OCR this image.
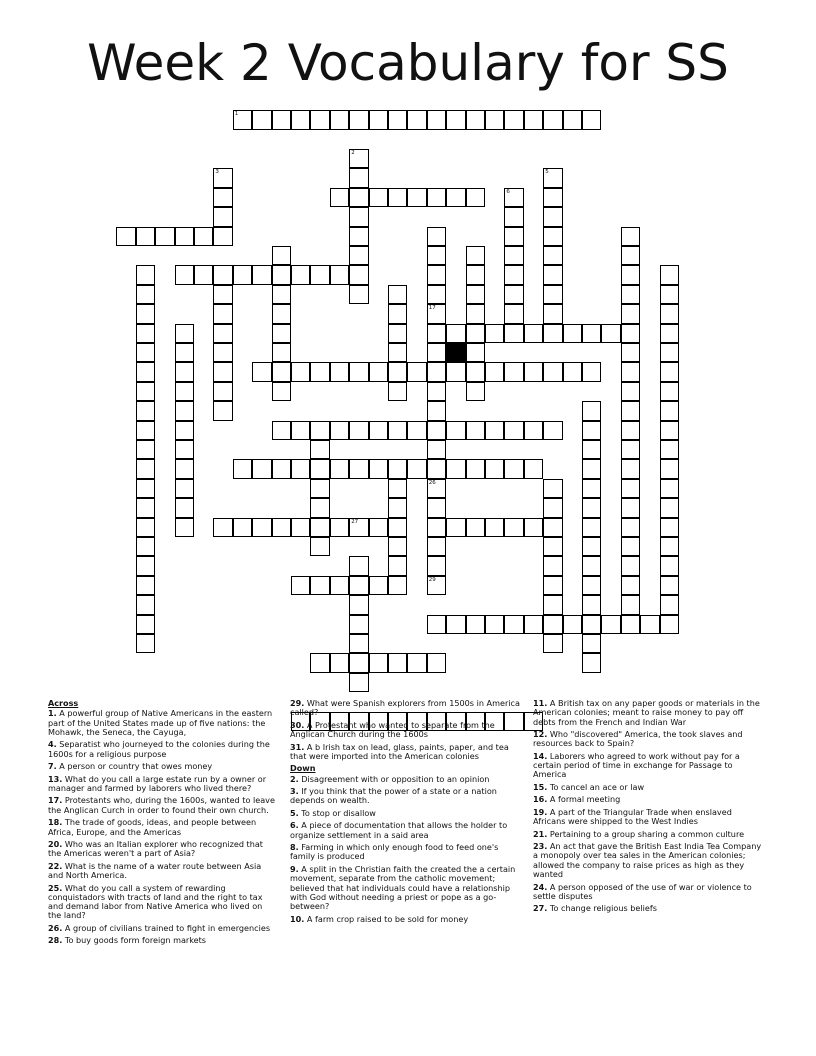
Week 2 Vocabulary for SS
1
2
3	5
6
17
26
27
29
Across
1. A powerful group of Native Americans in the eastern part of the United States made up of five nations: the Mohawk, the Seneca, the Cayuga,
4. Separatist who journeyed to the colonies during the 1600s for a religious purpose
7. A person or country that owes money
13. What do you call a large estate run by a owner or manager and farmed by laborers who lived there?
17. Protestants who, during the 1600s, wanted to leave the Anglican Curch in order to found their own church.
18. The trade of goods, ideas, and people between Africa, Europe, and the Americas
20. Who was an Italian explorer who recognized that the Americas weren't a part of Asia?
22. What is the name of a water route between Asia and North America.
25. What do you call a system of rewarding conquistadors with tracts of land and the right to tax and demand labor from Native America who lived on the land?
26. A group of civilians trained to fight in emergencies
28. To buy goods form foreign markets
29. What were Spanish explorers from 1500s in America called?
30. A Protestant who wanted to separate from the Anglican Church during the 1600s
31. A b Irish tax on lead, glass, paints, paper, and tea that were imported into the American colonies
Down
2. Disagreement with or opposition to an opinion
3. If you think that the power of a state or a nation depends on wealth.
5. To stop or disallow
6. A piece of documentation that allows the holder to organize settlement in a said area
8. Farming in which only enough food to feed one's family is produced
9. A split in the Christian faith the created the a certain movement, separate from the catholic movement; believed that hat individuals could have a relationship with God without needing a priest or pope as a go-between?
10. A farm crop raised to be sold for money
11. A British tax on any paper goods or materials in the American colonies; meant to raise money to pay off debts from the French and Indian War
12. Who "discovered" America, the took slaves and resources back to Spain?
14. Laborers who agreed to work without pay for a certain period of time in exchange for Passage to America
15. To cancel an ace or law
16. A formal meeting
19. A part of the Triangular Trade when enslaved Africans were shipped to the West Indies
21. Pertaining to a group sharing a common culture
23. An act that gave the British East India Tea Company a monopoly over tea sales in the American colonies; allowed the company to raise prices as high as they wanted
24. A person opposed of the use of war or violence to settle disputes
27. To change religious beliefs
